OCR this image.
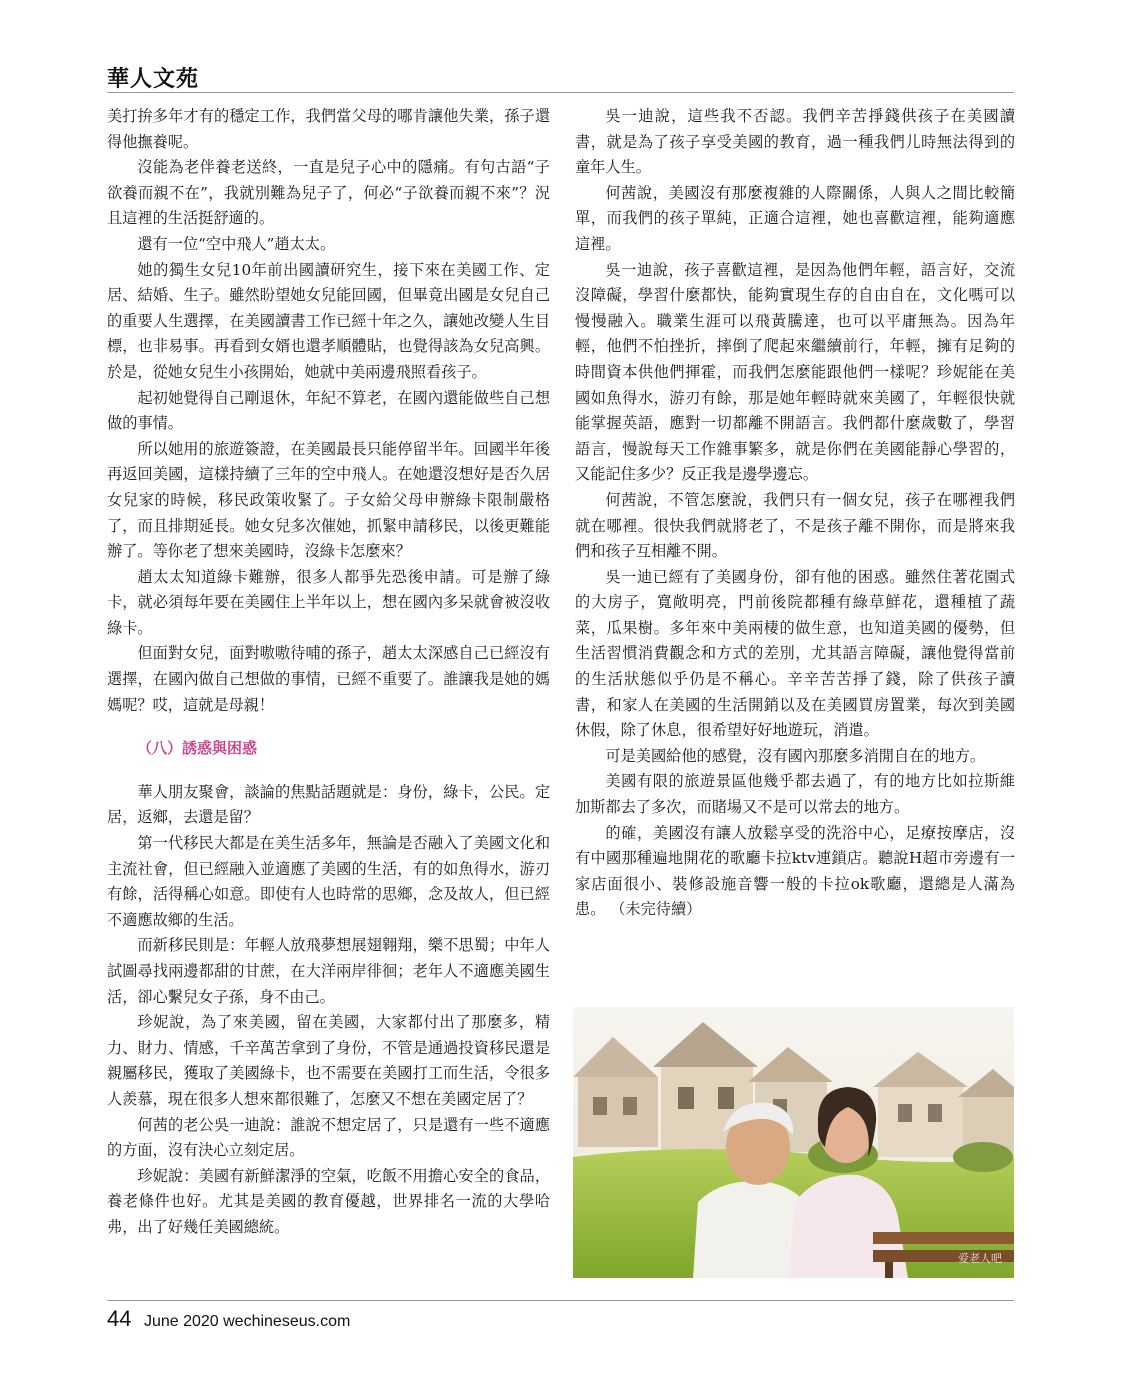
華人文苑

美打拚多年才有的穩定工作，我們當父母的哪肯讓他失業，孫子還得他撫養呢。

沒能為老伴養老送終，一直是兒子心中的隱痛。有句古語“子欲養而親不在”，我就別難為兒子了，何必“子欲養而親不來”？況且這裡的生活挺舒適的。

還有一位“空中飛人”趙太太。

她的獨生女兒10年前出國讀研究生，接下來在美國工作、定居、結婚、生子。雖然盼望她女兒能回國，但畢竟出國是女兒自己的重要人生選擇，在美國讀書工作已經十年之久，讓她改變人生目標，也非易事。再看到女婿也還孝順體貼，也覺得該為女兒高興。於是，從她女兒生小孩開始，她就中美兩邊飛照看孩子。

起初她覺得自己剛退休，年紀不算老，在國內還能做些自己想做的事情。

所以她用的旅遊簽證，在美國最長只能停留半年。回國半年後再返回美國，這樣持續了三年的空中飛人。在她還沒想好是否久居女兒家的時候，移民政策收緊了。子女給父母申辦綠卡限制嚴格了，而且排期延長。她女兒多次催她，抓緊申請移民，以後更難能辦了。等你老了想來美國時，沒綠卡怎麼來？

趙太太知道綠卡難辦，很多人都爭先恐後申請。可是辦了綠卡，就必須每年要在美國住上半年以上，想在國內多呆就會被沒收綠卡。

但面對女兒，面對嗷嗷待哺的孫子，趙太太深感自己已經沒有選擇，在國內做自己想做的事情，已經不重要了。誰讓我是她的媽媽呢？哎，這就是母親！

（八）誘惑與困惑

華人朋友聚會，談論的焦點話題就是：身份，綠卡，公民。定居，返鄉，去還是留？

第一代移民大都是在美生活多年，無論是否融入了美國文化和主流社會，但已經融入並適應了美國的生活，有的如魚得水，游刃有餘，活得稱心如意。即使有人也時常的思鄉，念及故人，但已經不適應故鄉的生活。

而新移民則是：年輕人放飛夢想展翅翱翔，樂不思蜀；中年人試圖尋找兩邊都甜的甘蔗，在大洋兩岸徘徊；老年人不適應美國生活，卻心繫兒女子孫，身不由己。

珍妮說，為了來美國，留在美國，大家都付出了那麼多，精力、財力、情感，千辛萬苦拿到了身份，不管是通過投資移民還是親屬移民，獲取了美國綠卡，也不需要在美國打工而生活，令很多人羨慕，現在很多人想來都很難了，怎麼又不想在美國定居了？

何茜的老公吳一迪說：誰說不想定居了，只是還有一些不適應的方面，沒有決心立刻定居。

珍妮說：美國有新鮮潔淨的空氣，吃飯不用擔心安全的食品，養老條件也好。尤其是美國的教育優越，世界排名一流的大學哈弗，出了好幾任美國總統。

吳一迪說，這些我不否認。我們辛苦掙錢供孩子在美國讀書，就是為了孩子享受美國的教育，過一種我們儿時無法得到的童年人生。

何茜說，美國沒有那麼複雜的人際關係，人與人之間比較簡單，而我們的孩子單純，正適合這裡，她也喜歡這裡，能夠適應這裡。

吳一迪說，孩子喜歡這裡，是因為他們年輕，語言好，交流沒障礙，學習什麼都快，能夠實現生存的自由自在，文化嗎可以慢慢融入。職業生涯可以飛黃騰達，也可以平庸無為。因為年輕，他們不怕挫折，摔倒了爬起來繼續前行，年輕，擁有足夠的時間資本供他們揮霍，而我們怎麼能跟他們一樣呢？珍妮能在美國如魚得水，游刃有餘，那是她年輕時就來美國了，年輕很快就能掌握英語，應對一切都離不開語言。我們都什麼歲數了，學習語言，慢說每天工作雜事繁多，就是你們在美國能靜心學習的，又能記住多少？反正我是邊學邊忘。

何茜說，不管怎麼說，我們只有一個女兒，孩子在哪裡我們就在哪裡。很快我們就將老了，不是孩子離不開你，而是將來我們和孩子互相離不開。

吳一迪已經有了美國身份，卻有他的困惑。雖然住著花園式的大房子，寬敞明亮，門前後院都種有綠草鮮花，還種植了蔬菜，瓜果樹。多年來中美兩棲的做生意，也知道美國的優勢，但生活習慣消費觀念和方式的差別，尤其語言障礙，讓他覺得當前的生活狀態似乎仍是不稱心。辛辛苦苦掙了錢，除了供孩子讀書，和家人在美國的生活開銷以及在美國買房置業，每次到美國休假，除了休息，很希望好好地遊玩，消遣。

可是美國給他的感覺，沒有國內那麼多消閒自在的地方。

美國有限的旅遊景區他幾乎都去過了，有的地方比如拉斯維加斯都去了多次，而賭場又不是可以常去的地方。

的確，美國沒有讓人放鬆享受的洗浴中心，足療按摩店，沒有中國那種遍地開花的歌廳卡拉ktv連鎖店。聽說H超市旁邊有一家店面很小、裝修設施音響一般的卡拉ok歌廳，還總是人滿為患。 （未完待續）

爱老人吧
44 June 2020 wechineseus.com
